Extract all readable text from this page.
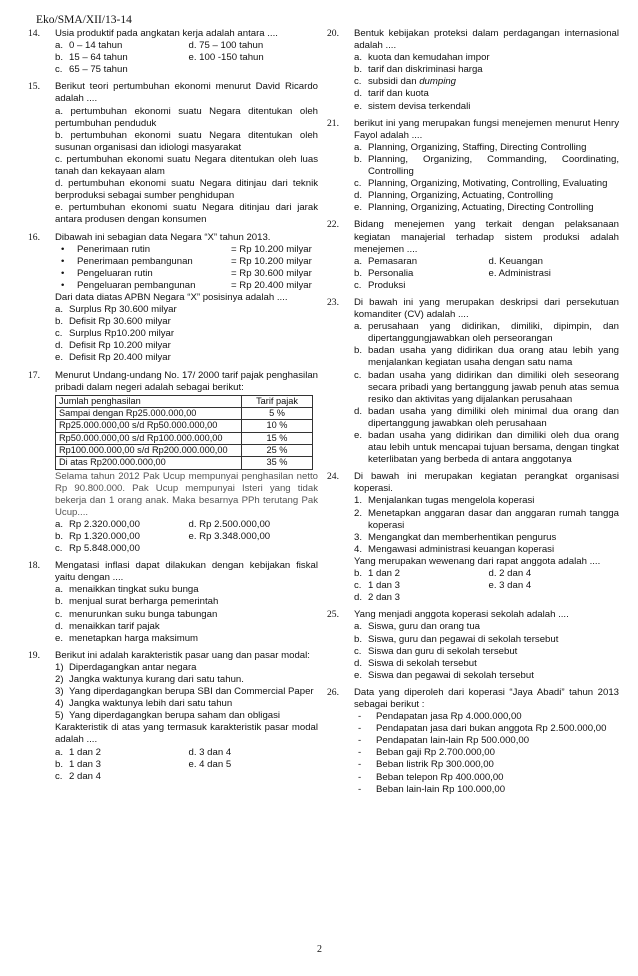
Eko/SMA/XII/13-14
14. Usia produktif pada angkatan kerja adalah antara ....
a. 0 – 14 tahun	d. 75 – 100 tahun
b. 15 – 64 tahun	e. 100 -150 tahun
c. 65 – 75 tahun
15. Berikut teori pertumbuhan ekonomi menurut David Ricardo adalah ....
a. pertumbuhan ekonomi suatu Negara ditentukan oleh pertumbuhan penduduk
b. pertumbuhan ekonomi suatu Negara ditentukan oleh susunan organisasi dan idiologi masyarakat
c. pertumbuhan ekonomi suatu Negara ditentukan oleh luas tanah dan kekayaan alam
d. pertumbuhan ekonomi suatu Negara ditinjau dari teknik berproduksi sebagai sumber penghidupan
e. pertumbuhan ekonomi suatu Negara ditinjau dari jarak antara produsen dengan konsumen
16. Dibawah ini sebagian data Negara “X” tahun 2013.
• Penerimaan rutin	= Rp 10.200 milyar
• Penerimaan pembangunan	= Rp 10.200 milyar
• Pengeluaran rutin	= Rp 30.600 milyar
• Pengeluaran pembangunan	= Rp 20.400 milyar
Dari data diatas APBN Negara “X” posisinya adalah ....
a. Surplus Rp 30.600 milyar
b. Defisit Rp 30.600 milyar
c. Surplus Rp10.200 milyar
d. Defisit Rp 10.200 milyar
e. Defisit Rp 20.400 milyar
17. Menurut Undang-undang No. 17/ 2000 tarif pajak penghasilan pribadi dalam negeri adalah sebagai berikut:
Jumlah penghasilan	Tarif pajak
Sampai dengan Rp25.000.000,00	5 %
Rp25.000.000,00 s/d Rp50.000.000,00	10 %
Rp50.000.000,00 s/d Rp100.000.000,00	15 %
Rp100.000.000,00 s/d Rp200.000.000,00	25 %
Di atas Rp200.000.000,00	35 %
Selama tahun 2012 Pak Ucup mempunyai penghasilan netto Rp 90.800.000. Pak Ucup mempunyai Isteri yang tidak bekerja dan 1 orang anak. Maka besarnya PPh terutang Pak Ucup....
a. Rp 2.320.000,00	d. Rp 2.500.000,00
b. Rp 1.320.000,00	e. Rp 3.348.000,00
c. Rp 5.848.000,00
18. Mengatasi inflasi dapat dilakukan dengan kebijakan fiskal yaitu dengan ....
a. menaikkan tingkat suku bunga
b. menjual surat berharga pemerintah
c. menurunkan suku bunga tabungan
d. menaikkan tarif pajak
e. menetapkan harga maksimum
19. Berikut ini adalah karakteristik pasar uang dan pasar modal:
1) Diperdagangkan antar negara
2) Jangka waktunya kurang dari satu tahun.
3) Yang diperdagangkan berupa SBI dan Commercial Paper
4) Jangka waktunya lebih dari satu tahun
5) Yang diperdagangkan berupa saham dan obligasi
Karakteristik di atas yang termasuk karakteristik pasar modal adalah ....
a. 1 dan 2	d. 3 dan 4
b. 1 dan 3	e. 4 dan 5
c. 2 dan 4
20. Bentuk kebijakan proteksi dalam perdagangan internasional adalah ....
a. kuota dan kemudahan impor
b. tarif dan diskriminasi harga
c. subsidi dan dumping
d. tarif dan kuota
e. sistem devisa terkendali
21. berikut ini yang merupakan fungsi menejemen menurut Henry Fayol adalah ....
a. Planning, Organizing, Staffing, Directing Controlling
b. Planning, Organizing, Commanding, Coordinating, Controlling
c. Planning, Organizing, Motivating, Controlling, Evaluating
d. Planning, Organizing, Actuating, Controlling
e. Planning, Organizing, Actuating, Directing Controlling
22. Bidang menejemen yang terkait dengan pelaksanaan kegiatan manajerial terhadap sistem produksi adalah menejemen ....
a. Pemasaran	d. Keuangan
b. Personalia	e. Administrasi
c. Produksi
23. Di bawah ini yang merupakan deskripsi dari persekutuan komanditer (CV) adalah ....
a. perusahaan yang didirikan, dimiliki, dipimpin, dan dipertanggungjawabkan oleh perseorangan
b. badan usaha yang didirikan dua orang atau lebih yang menjalankan kegiatan usaha dengan satu nama
c. badan usaha yang didirikan dan dimiliki oleh seseorang secara pribadi yang bertanggung jawab penuh atas semua resiko dan aktivitas yang dijalankan perusahaan
d. badan usaha yang dimiliki oleh minimal dua orang dan dipertanggung jawabkan oleh perusahaan
e. badan usaha yang didirikan dan dimiliki oleh dua orang atau lebih untuk mencapai tujuan bersama, dengan tingkat keterlibatan yang berbeda di antara anggotanya
24. Di bawah ini merupakan kegiatan perangkat organisasi koperasi.
1. Menjalankan tugas mengelola koperasi
2. Menetapkan anggaran dasar dan anggaran rumah tangga koperasi
3. Mengangkat dan memberhentikan pengurus
4. Mengawasi administrasi keuangan koperasi
Yang merupakan wewenang dari rapat anggota adalah ....
b. 1 dan 2	d. 2 dan 4
c. 1 dan 3	e. 3 dan 4
d. 2 dan 3
25. Yang menjadi anggota koperasi sekolah adalah ....
a. Siswa, guru dan orang tua
b. Siswa, guru dan pegawai di sekolah tersebut
c. Siswa dan guru di sekolah tersebut
d. Siswa di sekolah tersebut
e. Siswa dan pegawai di sekolah tersebut
26. Data yang diperoleh dari koperasi “Jaya Abadi” tahun 2013 sebagai berikut :
- Pendapatan jasa Rp 4.000.000,00
- Pendapatan jasa dari bukan anggota Rp 2.500.000,00
- Pendapatan lain-lain Rp 500.000,00
- Beban gaji Rp 2.700.000,00
- Beban listrik Rp 300.000,00
- Beban telepon Rp 400.000,00
- Beban lain-lain Rp 100.000,00
2
